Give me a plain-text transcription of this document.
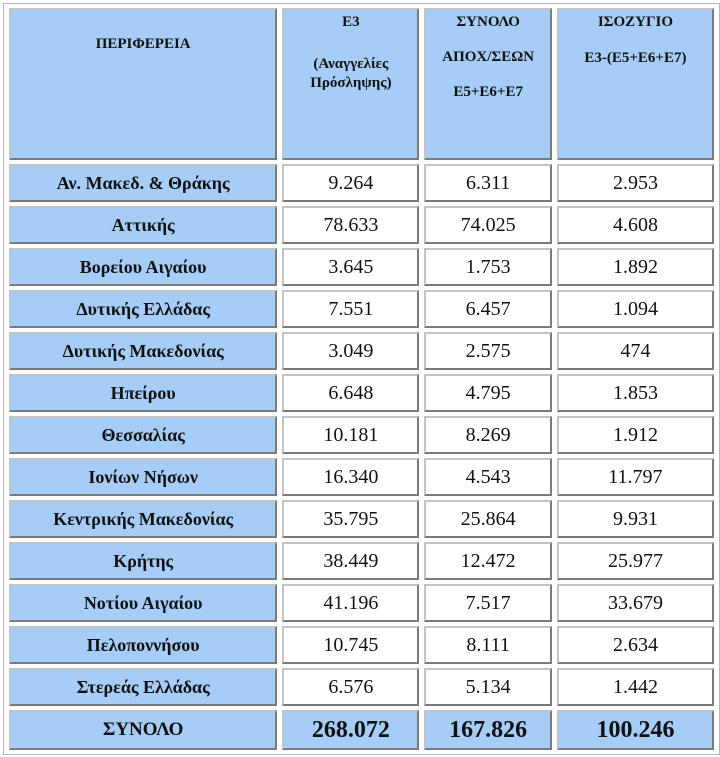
ΠΕΡΙΦΕΡΕΙΑ	Ε3
(Αναγγελίες
Πρόσληψης)	ΣΥΝΟΛΟ
ΑΠΟΧ/ΣΕΩΝ
Ε5+Ε6+Ε7	ΙΣΟΖΥΓΙΟ
Ε3-(Ε5+Ε6+Ε7)

Αν. Μακεδ. & Θράκης	9.264	6.311	2.953
Αττικής	78.633	74.025	4.608
Βορείου Αιγαίου	3.645	1.753	1.892
Δυτικής Ελλάδας	7.551	6.457	1.094
Δυτικής Μακεδονίας	3.049	2.575	474
Ηπείρου	6.648	4.795	1.853
Θεσσαλίας	10.181	8.269	1.912
Ιονίων Νήσων	16.340	4.543	11.797
Κεντρικής Μακεδονίας	35.795	25.864	9.931
Κρήτης	38.449	12.472	25.977
Νοτίου Αιγαίου	41.196	7.517	33.679
Πελοποννήσου	10.745	8.111	2.634
Στερεάς Ελλάδας	6.576	5.134	1.442
ΣΥΝΟΛΟ	268.072	167.826	100.246
